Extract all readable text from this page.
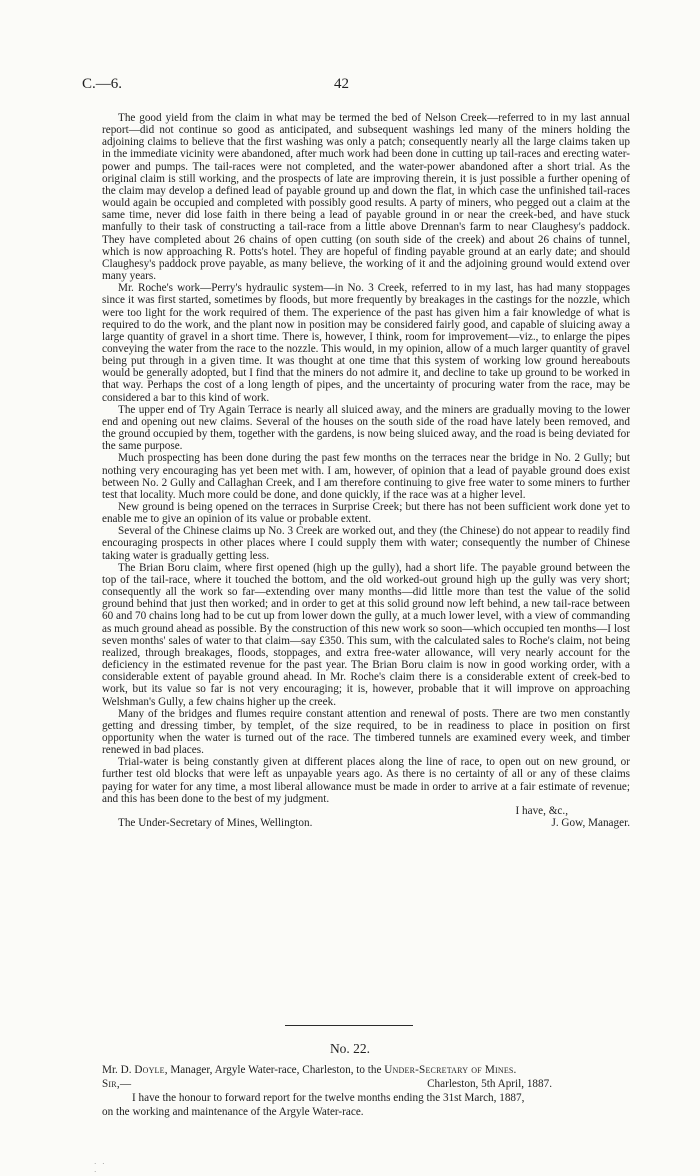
C.—6.	42

The good yield from the claim in what may be termed the bed of Nelson Creek—referred to in my last annual report—did not continue so good as anticipated, and subsequent washings led many of the miners holding the adjoining claims to believe that the first washing was only a patch; consequently nearly all the large claims taken up in the immediate vicinity were abandoned, after much work had been done in cutting up tail-races and erecting water-power and pumps. The tail-races were not completed, and the water-power abandoned after a short trial. As the original claim is still working, and the prospects of late are improving therein, it is just possible a further opening of the claim may develop a defined lead of payable ground up and down the flat, in which case the unfinished tail-races would again be occupied and completed with possibly good results. A party of miners, who pegged out a claim at the same time, never did lose faith in there being a lead of payable ground in or near the creek-bed, and have stuck manfully to their task of constructing a tail-race from a little above Drennan's farm to near Claughesy's paddock. They have completed about 26 chains of open cutting (on south side of the creek) and about 26 chains of tunnel, which is now approaching R. Potts's hotel. They are hopeful of finding payable ground at an early date; and should Claughesy's paddock prove payable, as many believe, the working of it and the adjoining ground would extend over many years.

Mr. Roche's work—Perry's hydraulic system—in No. 3 Creek, referred to in my last, has had many stoppages since it was first started, sometimes by floods, but more frequently by breakages in the castings for the nozzle, which were too light for the work required of them. The experience of the past has given him a fair knowledge of what is required to do the work, and the plant now in position may be considered fairly good, and capable of sluicing away a large quantity of gravel in a short time. There is, however, I think, room for improvement—viz., to enlarge the pipes conveying the water from the race to the nozzle. This would, in my opinion, allow of a much larger quantity of gravel being put through in a given time. It was thought at one time that this system of working low ground hereabouts would be generally adopted, but I find that the miners do not admire it, and decline to take up ground to be worked in that way. Perhaps the cost of a long length of pipes, and the uncertainty of procuring water from the race, may be considered a bar to this kind of work.

The upper end of Try Again Terrace is nearly all sluiced away, and the miners are gradually moving to the lower end and opening out new claims. Several of the houses on the south side of the road have lately been removed, and the ground occupied by them, together with the gardens, is now being sluiced away, and the road is being deviated for the same purpose.

Much prospecting has been done during the past few months on the terraces near the bridge in No. 2 Gully; but nothing very encouraging has yet been met with. I am, however, of opinion that a lead of payable ground does exist between No. 2 Gully and Callaghan Creek, and I am therefore continuing to give free water to some miners to further test that locality. Much more could be done, and done quickly, if the race was at a higher level.

New ground is being opened on the terraces in Surprise Creek; but there has not been sufficient work done yet to enable me to give an opinion of its value or probable extent.

Several of the Chinese claims up No. 3 Creek are worked out, and they (the Chinese) do not appear to readily find encouraging prospects in other places where I could supply them with water; consequently the number of Chinese taking water is gradually getting less.

The Brian Boru claim, where first opened (high up the gully), had a short life. The payable ground between the top of the tail-race, where it touched the bottom, and the old worked-out ground high up the gully was very short; consequently all the work so far—extending over many months—did little more than test the value of the solid ground behind that just then worked; and in order to get at this solid ground now left behind, a new tail-race between 60 and 70 chains long had to be cut up from lower down the gully, at a much lower level, with a view of commanding as much ground ahead as possible. By the construction of this new work so soon—which occupied ten months—I lost seven months' sales of water to that claim—say £350. This sum, with the calculated sales to Roche's claim, not being realized, through breakages, floods, stoppages, and extra free-water allowance, will very nearly account for the deficiency in the estimated revenue for the past year. The Brian Boru claim is now in good working order, with a considerable extent of payable ground ahead. In Mr. Roche's claim there is a considerable extent of creek-bed to work, but its value so far is not very encouraging; it is, however, probable that it will improve on approaching Welshman's Gully, a few chains higher up the creek.

Many of the bridges and flumes require constant attention and renewal of posts. There are two men constantly getting and dressing timber, by templet, of the size required, to be in readiness to place in position on first opportunity when the water is turned out of the race. The timbered tunnels are examined every week, and timber renewed in bad places.

Trial-water is being constantly given at different places along the line of race, to open out on new ground, or further test old blocks that were left as unpayable years ago. As there is no certainty of all or any of these claims paying for water for any time, a most liberal allowance must be made in order to arrive at a fair estimate of revenue; and this has been done to the best of my judgment.

I have, &c.,
The Under-Secretary of Mines, Wellington.	J. Gow, Manager.
No. 22.
Mr. D. Doyle, Manager, Argyle Water-race, Charleston, to the Under-Secretary of Mines.
Sir,—	Charleston, 5th April, 1887.
I have the honour to forward report for the twelve months ending the 31st March, 1887,
on the working and maintenance of the Argyle Water-race.
· · ·
